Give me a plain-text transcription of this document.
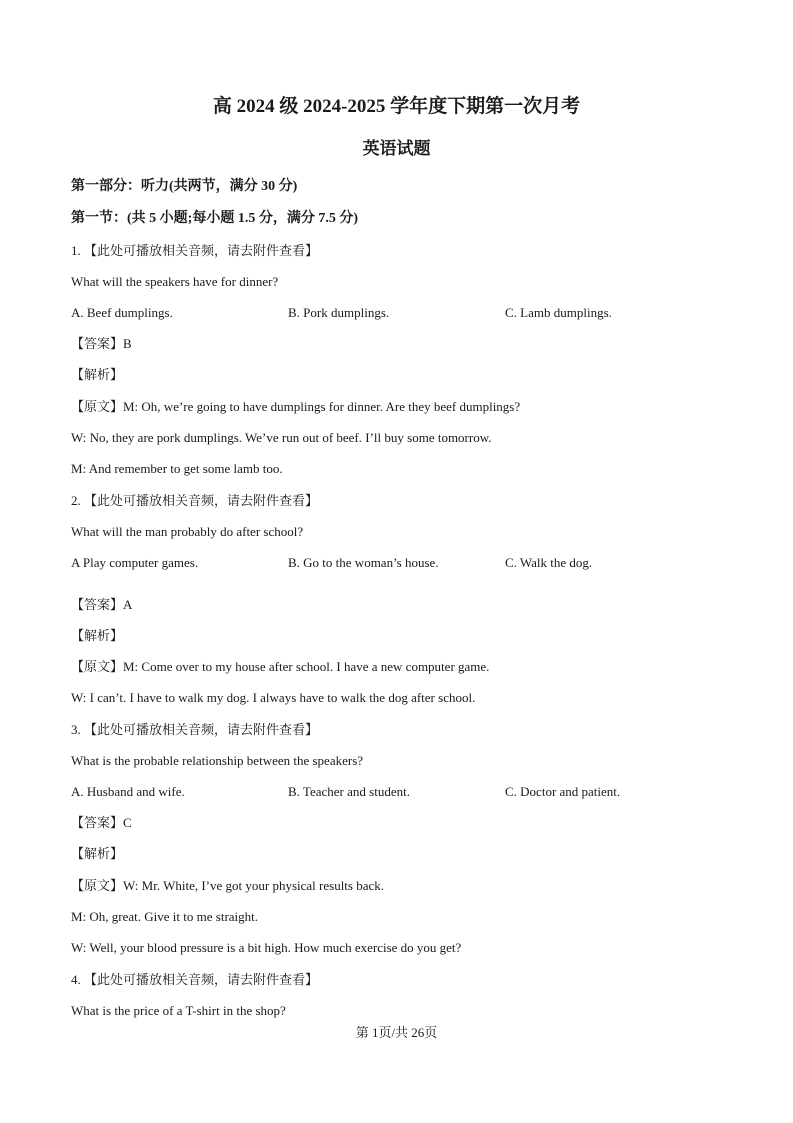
高 2024 级 2024-2025 学年度下期第一次月考
英语试题
第一部分：听力(共两节，满分 30 分)
第一节：(共 5 小题;每小题 1.5 分，满分 7.5 分)
1. 【此处可播放相关音频，请去附件查看】
What will the speakers have for dinner?
A. Beef dumplings.	B. Pork dumplings.	C. Lamb dumplings.
【答案】B
【解析】
【原文】M: Oh, we’re going to have dumplings for dinner. Are they beef dumplings?
W: No, they are pork dumplings. We’ve run out of beef. I’ll buy some tomorrow.
M: And remember to get some lamb too.
2. 【此处可播放相关音频，请去附件查看】
What will the man probably do after school?
A Play computer games.	B. Go to the woman’s house.	C. Walk the dog.
【答案】A
【解析】
【原文】M: Come over to my house after school. I have a new computer game.
W: I can’t. I have to walk my dog. I always have to walk the dog after school.
3. 【此处可播放相关音频，请去附件查看】
What is the probable relationship between the speakers?
A. Husband and wife.	B. Teacher and student.	C. Doctor and patient.
【答案】C
【解析】
【原文】W: Mr. White, I’ve got your physical results back.
M: Oh, great. Give it to me straight.
W: Well, your blood pressure is a bit high. How much exercise do you get?
4. 【此处可播放相关音频，请去附件查看】
What is the price of a T-shirt in the shop?
第 1页/共 26页
